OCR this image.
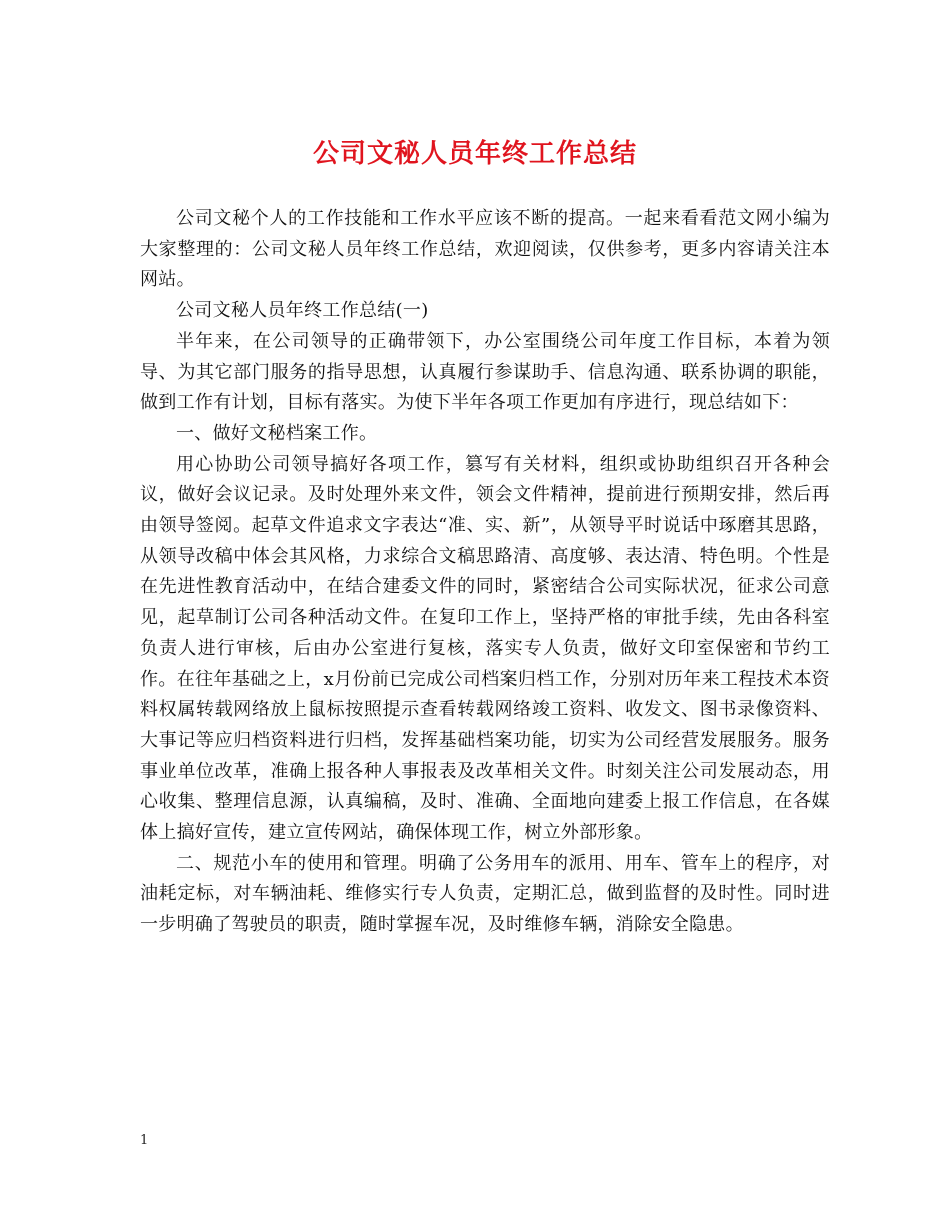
公司文秘人员年终工作总结

公司文秘个人的工作技能和工作水平应该不断的提高。一起来看看范文网小编为大家整理的：公司文秘人员年终工作总结，欢迎阅读，仅供参考，更多内容请关注本网站。

公司文秘人员年终工作总结(一)

半年来，在公司领导的正确带领下，办公室围绕公司年度工作目标，本着为领导、为其它部门服务的指导思想，认真履行参谋助手、信息沟通、联系协调的职能，做到工作有计划，目标有落实。为使下半年各项工作更加有序进行，现总结如下：

一、做好文秘档案工作。

用心协助公司领导搞好各项工作，篡写有关材料，组织或协助组织召开各种会议，做好会议记录。及时处理外来文件，领会文件精神，提前进行预期安排，然后再由领导签阅。起草文件追求文字表达“准、实、新”，从领导平时说话中琢磨其思路，从领导改稿中体会其风格，力求综合文稿思路清、高度够、表达清、特色明。个性是在先进性教育活动中，在结合建委文件的同时，紧密结合公司实际状况，征求公司意见，起草制订公司各种活动文件。在复印工作上，坚持严格的审批手续，先由各科室负责人进行审核，后由办公室进行复核，落实专人负责，做好文印室保密和节约工作。在往年基础之上，x月份前已完成公司档案归档工作，分别对历年来工程技术本资料权属转载网络放上鼠标按照提示查看转载网络竣工资料、收发文、图书录像资料、大事记等应归档资料进行归档，发挥基础档案功能，切实为公司经营发展服务。服务事业单位改革，准确上报各种人事报表及改革相关文件。时刻关注公司发展动态，用心收集、整理信息源，认真编稿，及时、准确、全面地向建委上报工作信息，在各媒体上搞好宣传，建立宣传网站，确保体现工作，树立外部形象。

二、规范小车的使用和管理。明确了公务用车的派用、用车、管车上的程序，对油耗定标，对车辆油耗、维修实行专人负责，定期汇总，做到监督的及时性。同时进一步明确了驾驶员的职责，随时掌握车况，及时维修车辆，消除安全隐患。

1
